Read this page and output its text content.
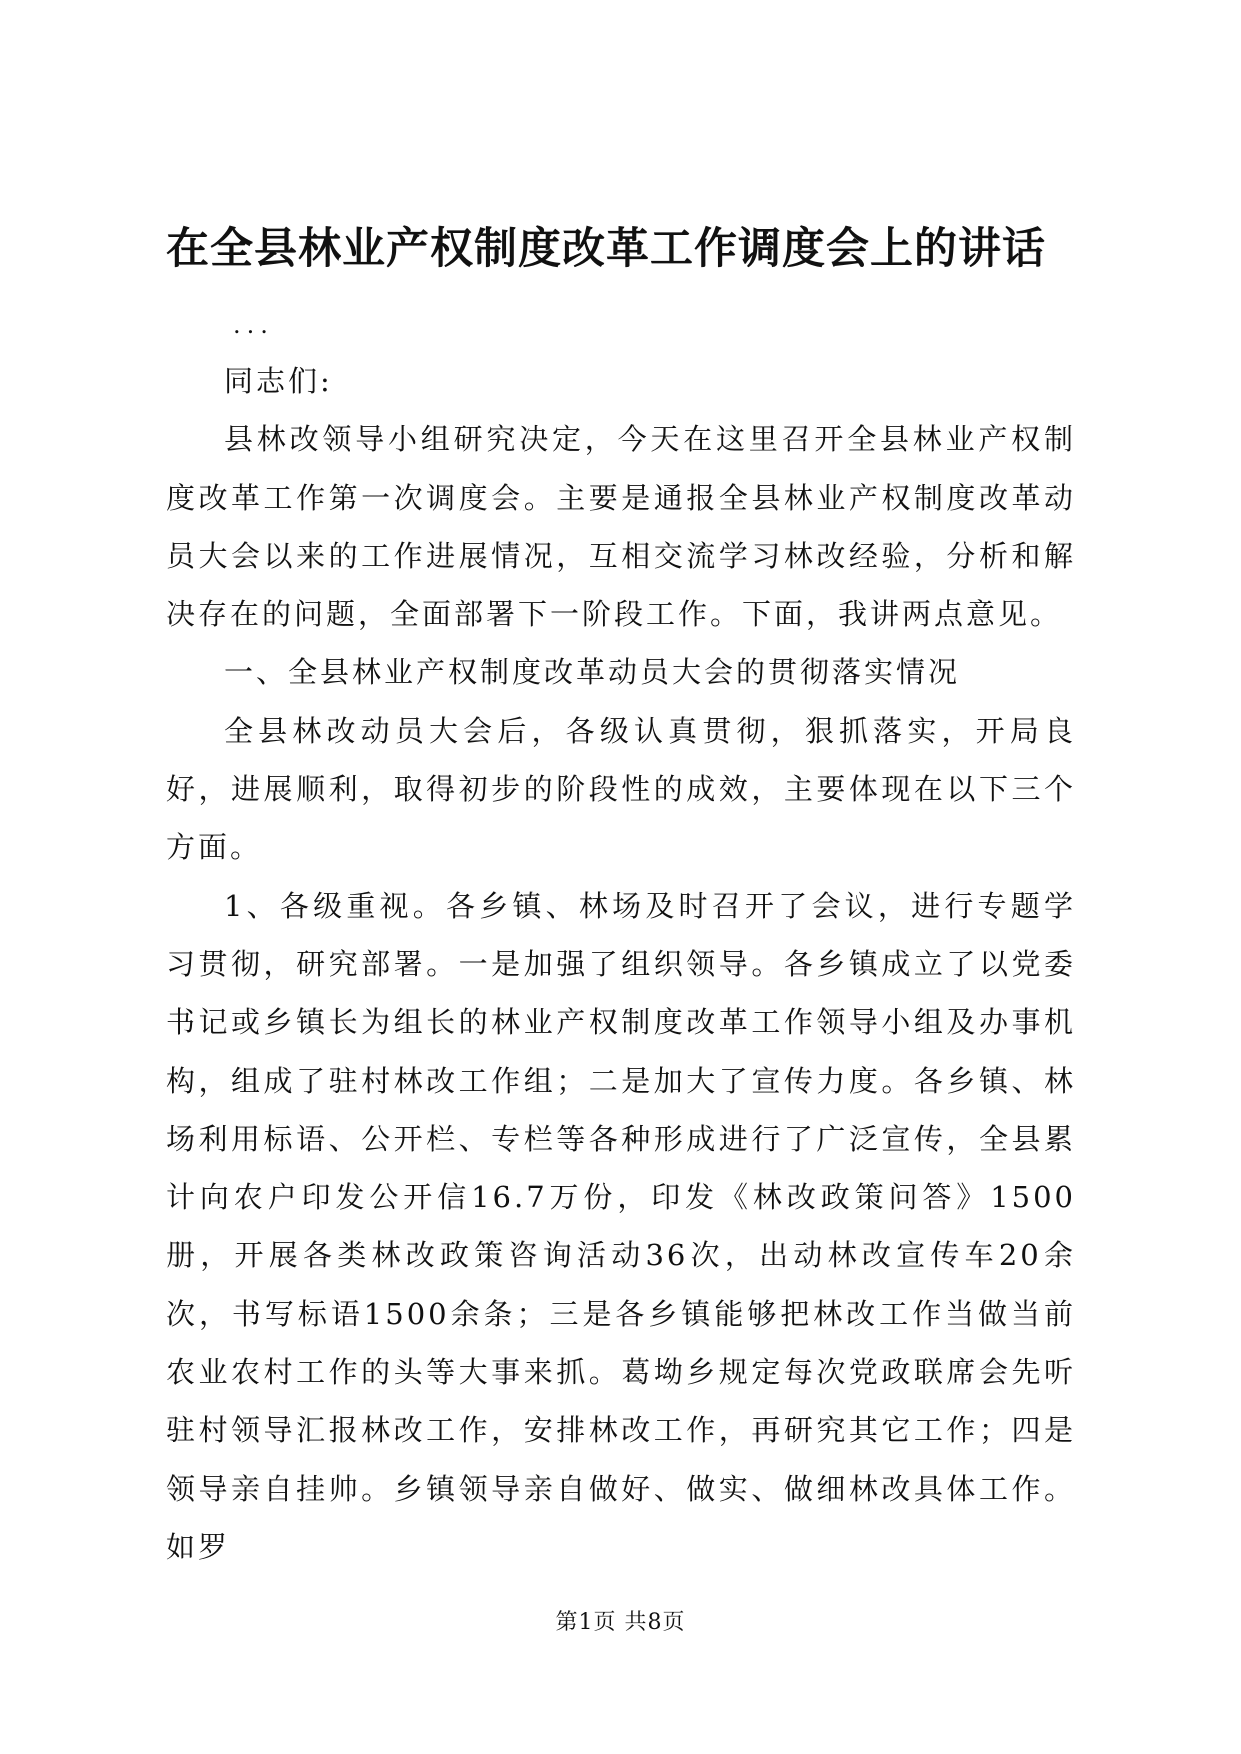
在全县林业产权制度改革工作调度会上的讲话
...

同志们:

县林改领导小组研究决定，今天在这里召开全县林业产权制度改革工作第一次调度会。主要是通报全县林业产权制度改革动员大会以来的工作进展情况，互相交流学习林改经验，分析和解决存在的问题，全面部署下一阶段工作。下面，我讲两点意见。

一、全县林业产权制度改革动员大会的贯彻落实情况

全县林改动员大会后，各级认真贯彻，狠抓落实，开局良好，进展顺利，取得初步的阶段性的成效，主要体现在以下三个方面。

1、各级重视。各乡镇、林场及时召开了会议，进行专题学习贯彻，研究部署。一是加强了组织领导。各乡镇成立了以党委书记或乡镇长为组长的林业产权制度改革工作领导小组及办事机构，组成了驻村林改工作组；二是加大了宣传力度。各乡镇、林场利用标语、公开栏、专栏等各种形成进行了广泛宣传，全县累计向农户印发公开信16.7万份，印发《林改政策问答》1500册，开展各类林改政策咨询活动36次，出动林改宣传车20余次，书写标语1500余条；三是各乡镇能够把林改工作当做当前农业农村工作的头等大事来抓。葛坳乡规定每次党政联席会先听驻村领导汇报林改工作，安排林改工作，再研究其它工作；四是领导亲自挂帅。乡镇领导亲自做好、做实、做细林改具体工作。如罗

第1页 共8页
